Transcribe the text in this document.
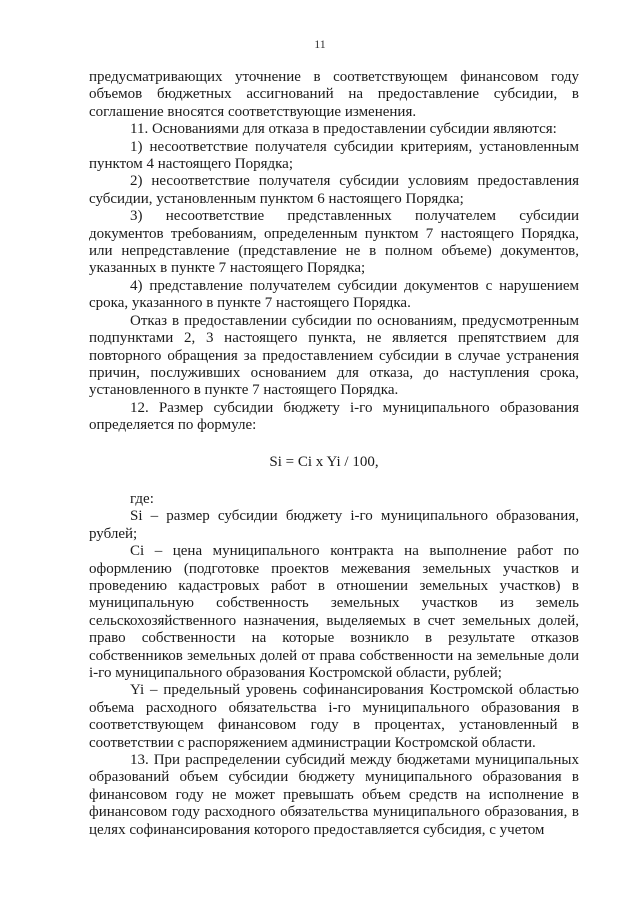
11

предусматривающих уточнение в соответствующем финансовом году объемов бюджетных ассигнований на предоставление субсидии, в соглашение вносятся соответствующие изменения.

11. Основаниями для отказа в предоставлении субсидии являются:

1) несоответствие получателя субсидии критериям, установленным пунктом 4 настоящего Порядка;

2) несоответствие получателя субсидии условиям предоставления субсидии, установленным пунктом 6 настоящего Порядка;

3) несоответствие представленных получателем субсидии документов требованиям, определенным пунктом 7 настоящего Порядка, или непредставление (представление не в полном объеме) документов, указанных в пункте 7 настоящего Порядка;

4) представление получателем субсидии документов с нарушением срока, указанного в пункте 7 настоящего Порядка.

Отказ в предоставлении субсидии по основаниям, предусмотренным подпунктами 2, 3 настоящего пункта, не является препятствием для повторного обращения за предоставлением субсидии в случае устранения причин, послуживших основанием для отказа, до наступления срока, установленного в пункте 7 настоящего Порядка.

12. Размер субсидии бюджету i-го муниципального образования определяется по формуле:

Si = Ci x Yi / 100,

где:

Si – размер субсидии бюджету i-го муниципального образования, рублей;

Ci – цена муниципального контракта на выполнение работ по оформлению (подготовке проектов межевания земельных участков и проведению кадастровых работ в отношении земельных участков) в муниципальную собственность земельных участков из земель сельскохозяйственного назначения, выделяемых в счет земельных долей, право собственности на которые возникло в результате отказов собственников земельных долей от права собственности на земельные доли i-го муниципального образования Костромской области, рублей;

Yi – предельный уровень софинансирования Костромской областью объема расходного обязательства i-го муниципального образования в соответствующем финансовом году в процентах, установленный в соответствии с распоряжением администрации Костромской области.

13. При распределении субсидий между бюджетами муниципальных образований объем субсидии бюджету муниципального образования в финансовом году не может превышать объем средств на исполнение в финансовом году расходного обязательства муниципального образования, в целях софинансирования которого предоставляется субсидия, с учетом
